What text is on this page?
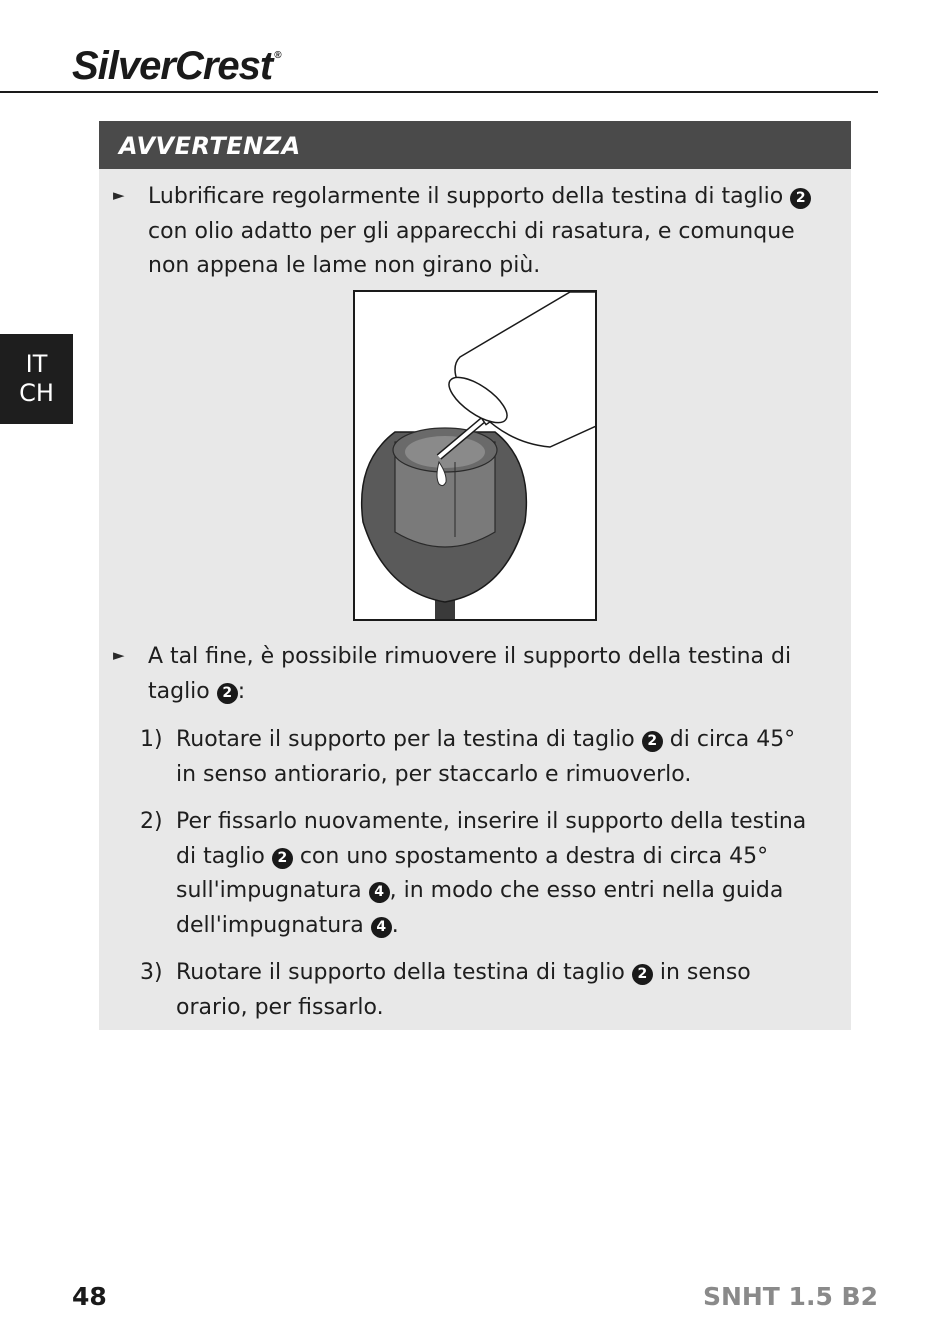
SilverCrest ®
IT
CH
AVVERTENZA
► Lubrificare regolarmente il supporto della testina di taglio 2
con olio adatto per gli apparecchi di rasatura, e comunque
non appena le lame non girano più.
► A tal fine, è possibile rimuovere il supporto della testina di
taglio 2 :
1) Ruotare il supporto per la testina di taglio 2 di circa 45°
in senso antiorario, per staccarlo e rimuoverlo.
2) Per fissarlo nuovamente, inserire il supporto della testina
di taglio 2 con uno spostamento a destra di circa 45°
sull'impugnatura 4 , in modo che esso entri nella guida
dell'impugnatura 4 .
3) Ruotare il supporto della testina di taglio 2 in senso
orario, per fissarlo.
48	SNHT 1.5 B2
